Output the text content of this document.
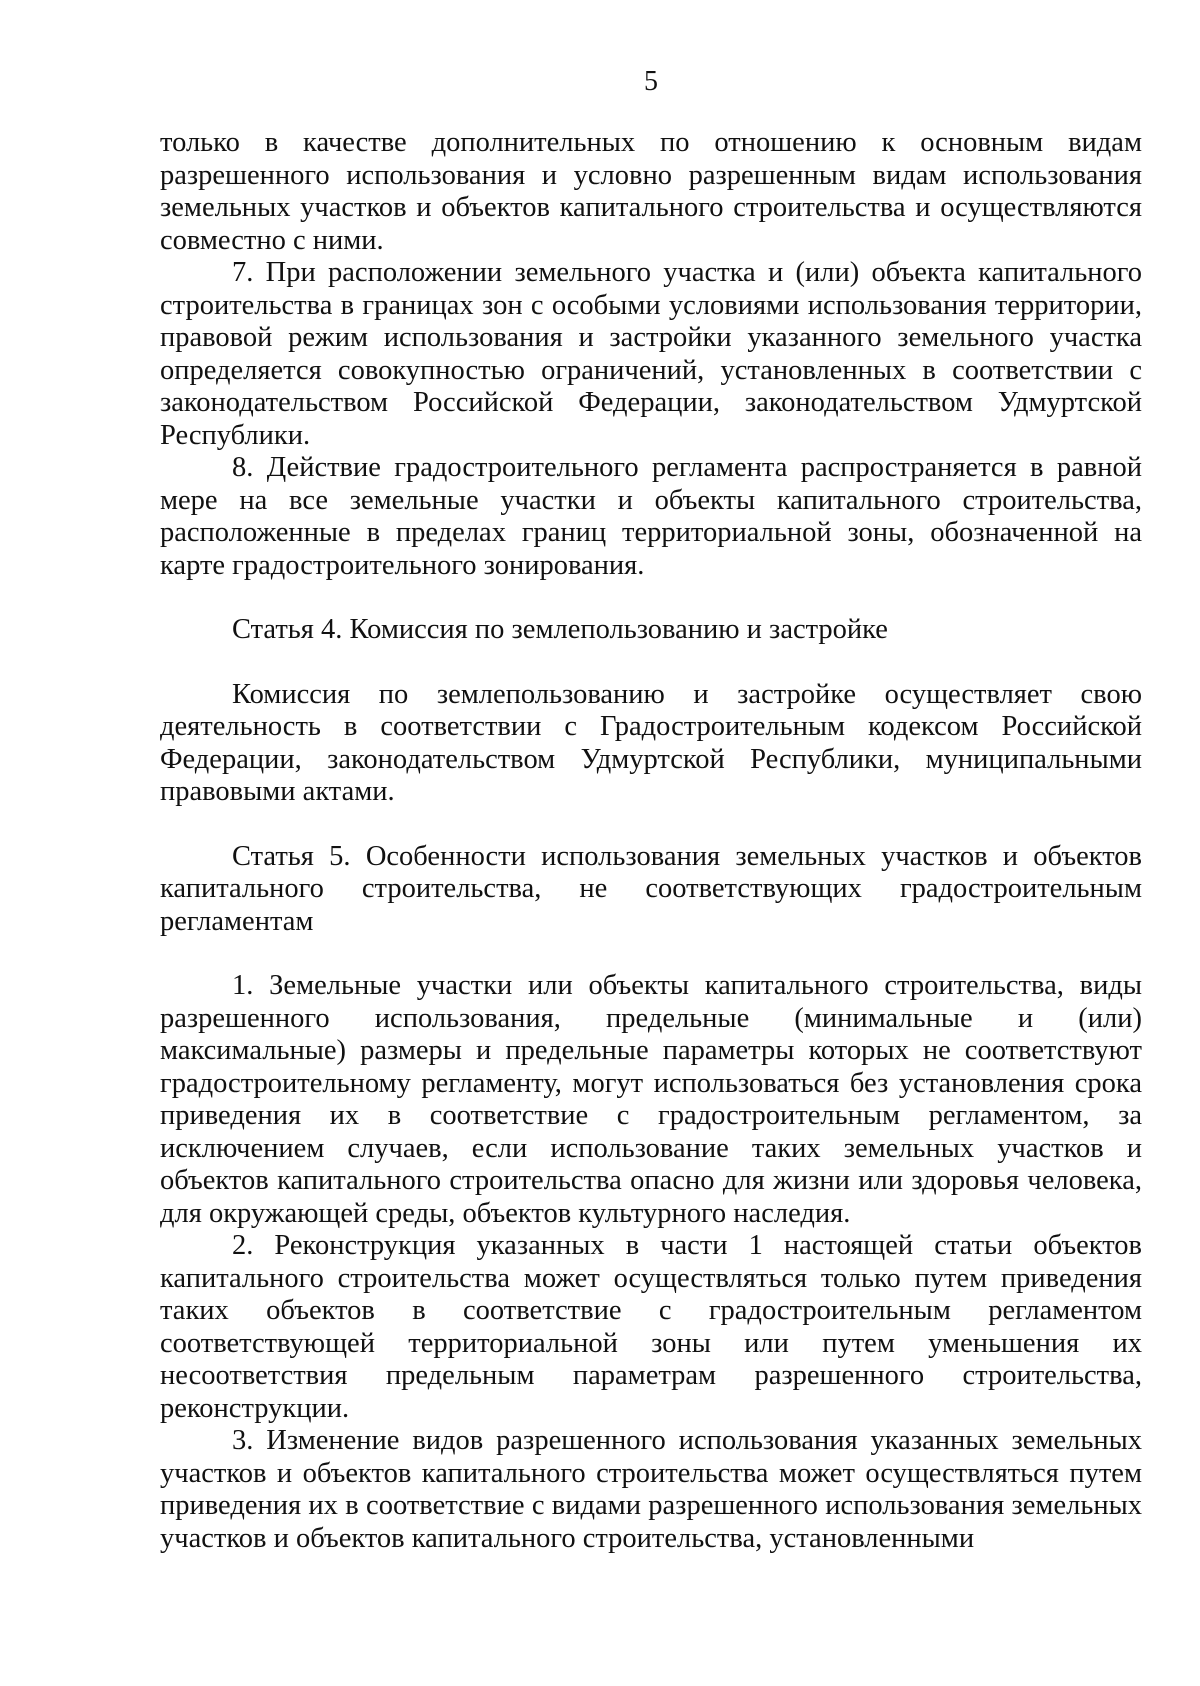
5

только в качестве дополнительных по отношению к основным видам разрешенного использования и условно разрешенным видам использования земельных участков и объектов капитального строительства и осуществляются совместно с ними.

7. При расположении земельного участка и (или) объекта капитального строительства в границах зон с особыми условиями использования территории, правовой режим использования и застройки указанного земельного участка определяется совокупностью ограничений, установленных в соответствии с законодательством Российской Федерации, законодательством Удмуртской Республики.

8. Действие градостроительного регламента распространяется в равной мере на все земельные участки и объекты капитального строительства, расположенные в пределах границ территориальной зоны, обозначенной на карте градостроительного зонирования.

Статья 4. Комиссия по землепользованию и застройке

Комиссия по землепользованию и застройке осуществляет свою деятельность в соответствии с Градостроительным кодексом Российской Федерации, законодательством Удмуртской Республики, муниципальными правовыми актами.

Статья 5. Особенности использования земельных участков и объектов капитального строительства, не соответствующих градостроительным регламентам

1. Земельные участки или объекты капитального строительства, виды разрешенного использования, предельные (минимальные и (или) максимальные) размеры и предельные параметры которых не соответствуют градостроительному регламенту, могут использоваться без установления срока приведения их в соответствие с градостроительным регламентом, за исключением случаев, если использование таких земельных участков и объектов капитального строительства опасно для жизни или здоровья человека, для окружающей среды, объектов культурного наследия.

2. Реконструкция указанных в части 1 настоящей статьи объектов капитального строительства может осуществляться только путем приведения таких объектов в соответствие с градостроительным регламентом соответствующей территориальной зоны или путем уменьшения их несоответствия предельным параметрам разрешенного строительства, реконструкции.

3. Изменение видов разрешенного использования указанных земельных участков и объектов капитального строительства может осуществляться путем приведения их в соответствие с видами разрешенного использования земельных участков и объектов капитального строительства, установленными
